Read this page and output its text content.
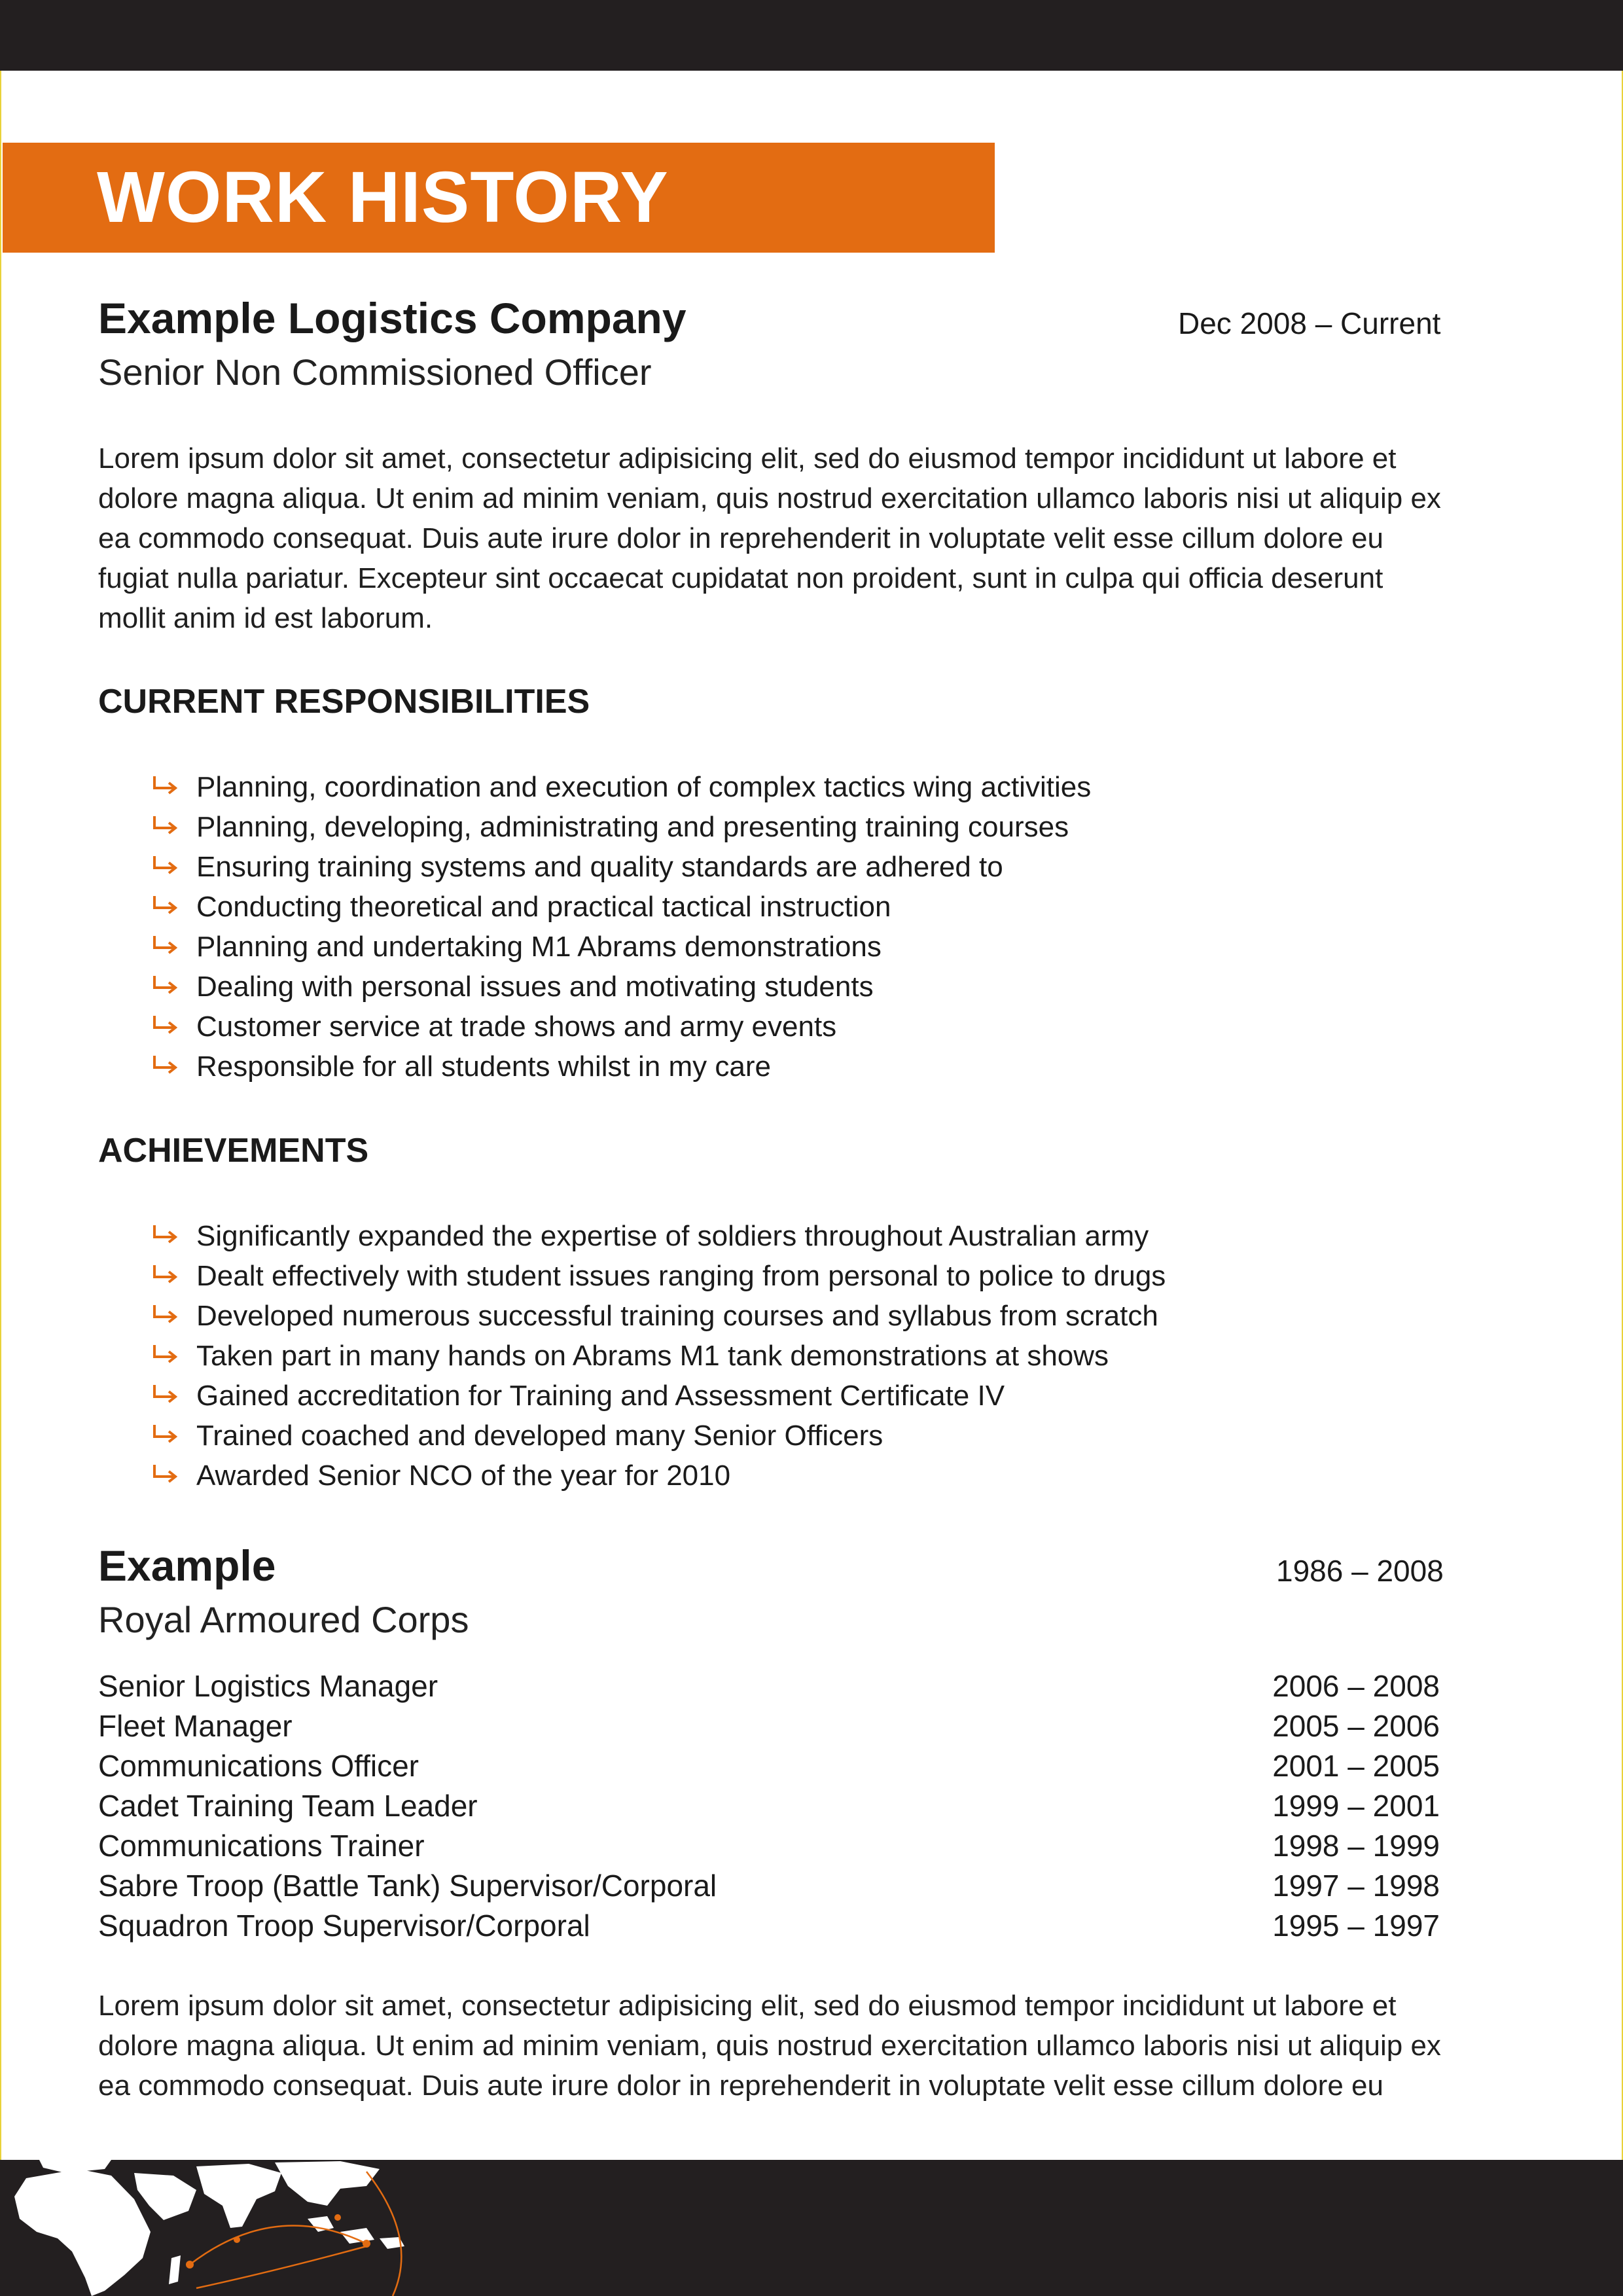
WORK HISTORY
Example Logistics Company	Dec 2008 – Current
Senior Non Commissioned Officer
Lorem ipsum dolor sit amet, consectetur adipisicing elit, sed do eiusmod tempor incididunt ut labore et
dolore magna aliqua. Ut enim ad minim veniam, quis nostrud exercitation ullamco laboris nisi ut aliquip ex
ea commodo consequat. Duis aute irure dolor in reprehenderit in voluptate velit esse cillum dolore eu
fugiat nulla pariatur. Excepteur sint occaecat cupidatat non proident, sunt in culpa qui officia deserunt
mollit anim id est laborum.
CURRENT RESPONSIBILITIES
Planning, coordination and execution of complex tactics wing activities
Planning, developing, administrating and presenting training courses
Ensuring training systems and quality standards are adhered to
Conducting theoretical and practical tactical instruction
Planning and undertaking M1 Abrams demonstrations
Dealing with personal issues and motivating students
Customer service at trade shows and army events
Responsible for all students whilst in my care
ACHIEVEMENTS
Significantly expanded the expertise of soldiers throughout Australian army
Dealt effectively with student issues ranging from personal to police to drugs
Developed numerous successful training courses and syllabus from scratch
Taken part in many hands on Abrams M1 tank demonstrations at shows
Gained accreditation for Training and Assessment Certificate IV
Trained coached and developed many Senior Officers
Awarded Senior NCO of the year for 2010
Example	1986 – 2008
Royal Armoured Corps
Senior Logistics Manager	2006 – 2008
Fleet Manager	2005 – 2006
Communications Officer	2001 – 2005
Cadet Training Team Leader	1999 – 2001
Communications Trainer	1998 – 1999
Sabre Troop (Battle Tank) Supervisor/Corporal	1997 – 1998
Squadron Troop Supervisor/Corporal	1995 – 1997
Lorem ipsum dolor sit amet, consectetur adipisicing elit, sed do eiusmod tempor incididunt ut labore et
dolore magna aliqua. Ut enim ad minim veniam, quis nostrud exercitation ullamco laboris nisi ut aliquip ex
ea commodo consequat. Duis aute irure dolor in reprehenderit in voluptate velit esse cillum dolore eu
